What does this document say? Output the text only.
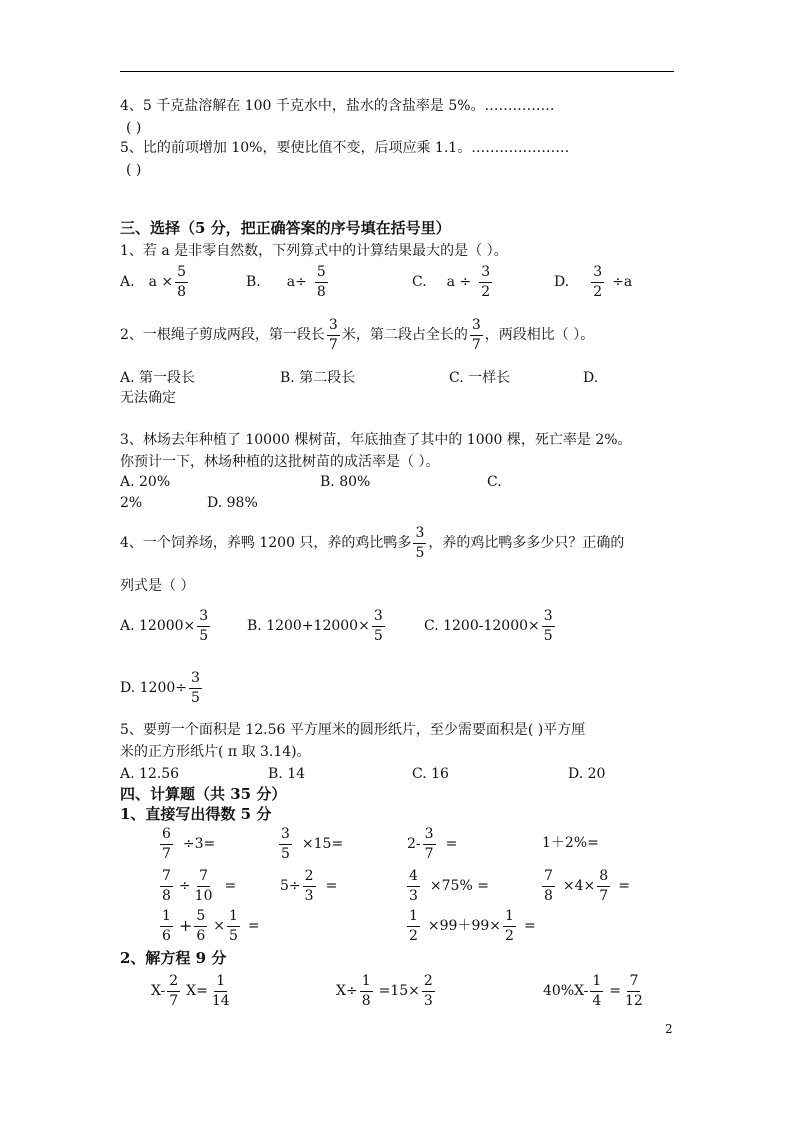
4、5 千克盐溶解在 100 千克水中，盐水的含盐率是 5%。……………
( )
5、比的前项增加 10%，要使比值不变，后项应乘 1.1。…………………
( )
三、选择（5 分，把正确答案的序号填在括号里）
1、若 a 是非零自然数，下列算式中的计算结果最大的是（ ）。
A. $a \times \frac{5}{8}$	B. $a\div \frac{5}{8}$	C. $a \div \frac{3}{2}$	D. $\frac{3}{2} \div a$
2、一根绳子剪成两段，第一段长 $\frac{3}{7}$ 米，第二段占全长的 $\frac{3}{7}$ ，两段相比（ ）。
A. 第一段长	B. 第二段长	C. 一样长	D.
无法确定
3、林场去年种植了 10000 棵树苗，年底抽查了其中的 1000 棵，死亡率是 2%。
你预计一下，林场种植的这批树苗的成活率是（ ）。
A. 20%	B. 80%	C.
2%	D. 98%
4、一个饲养场，养鸭 1200 只，养的鸡比鸭多 $\frac{3}{5}$ ，养的鸡比鸭多多少只？正确的
列式是（ ）
A. $12000\times \frac{3}{5}$	B. $1200+12000\times \frac{3}{5}$	C. $1200-12000\times \frac{3}{5}$
D. $1200\div \frac{3}{5}$
5、要剪一个面积是 12.56 平方厘米的圆形纸片，至少需要面积是( )平方厘
米的正方形纸片( π 取 3.14)。
A. 12.56	B. 14	C. 16	D. 20
四、计算题（共 35 分）
1、直接写出得数 5 分
$\frac{6}{7} \div 3=$	$\frac{3}{5} \times 15=$	$2- \frac{3}{7}$ =	1＋2%=
$\frac{7}{8} \div \frac{7}{10}$ =	$5\div \frac{2}{3}$ =	$\frac{4}{3} \times 75\%$ =	$\frac{7}{8} \times 4\times \frac{8}{7}$ =
$\frac{1}{6} + \frac{5}{6} \times \frac{1}{5}$ =	$\frac{1}{2} \times 99+99\times \frac{1}{2}$ =
2、解方程 9 分
$X- \frac{2}{7} X= \frac{1}{14}$	$X\div \frac{1}{8} =15\times \frac{2}{3}$	$40\%X- \frac{1}{4} = \frac{7}{12}$
2
